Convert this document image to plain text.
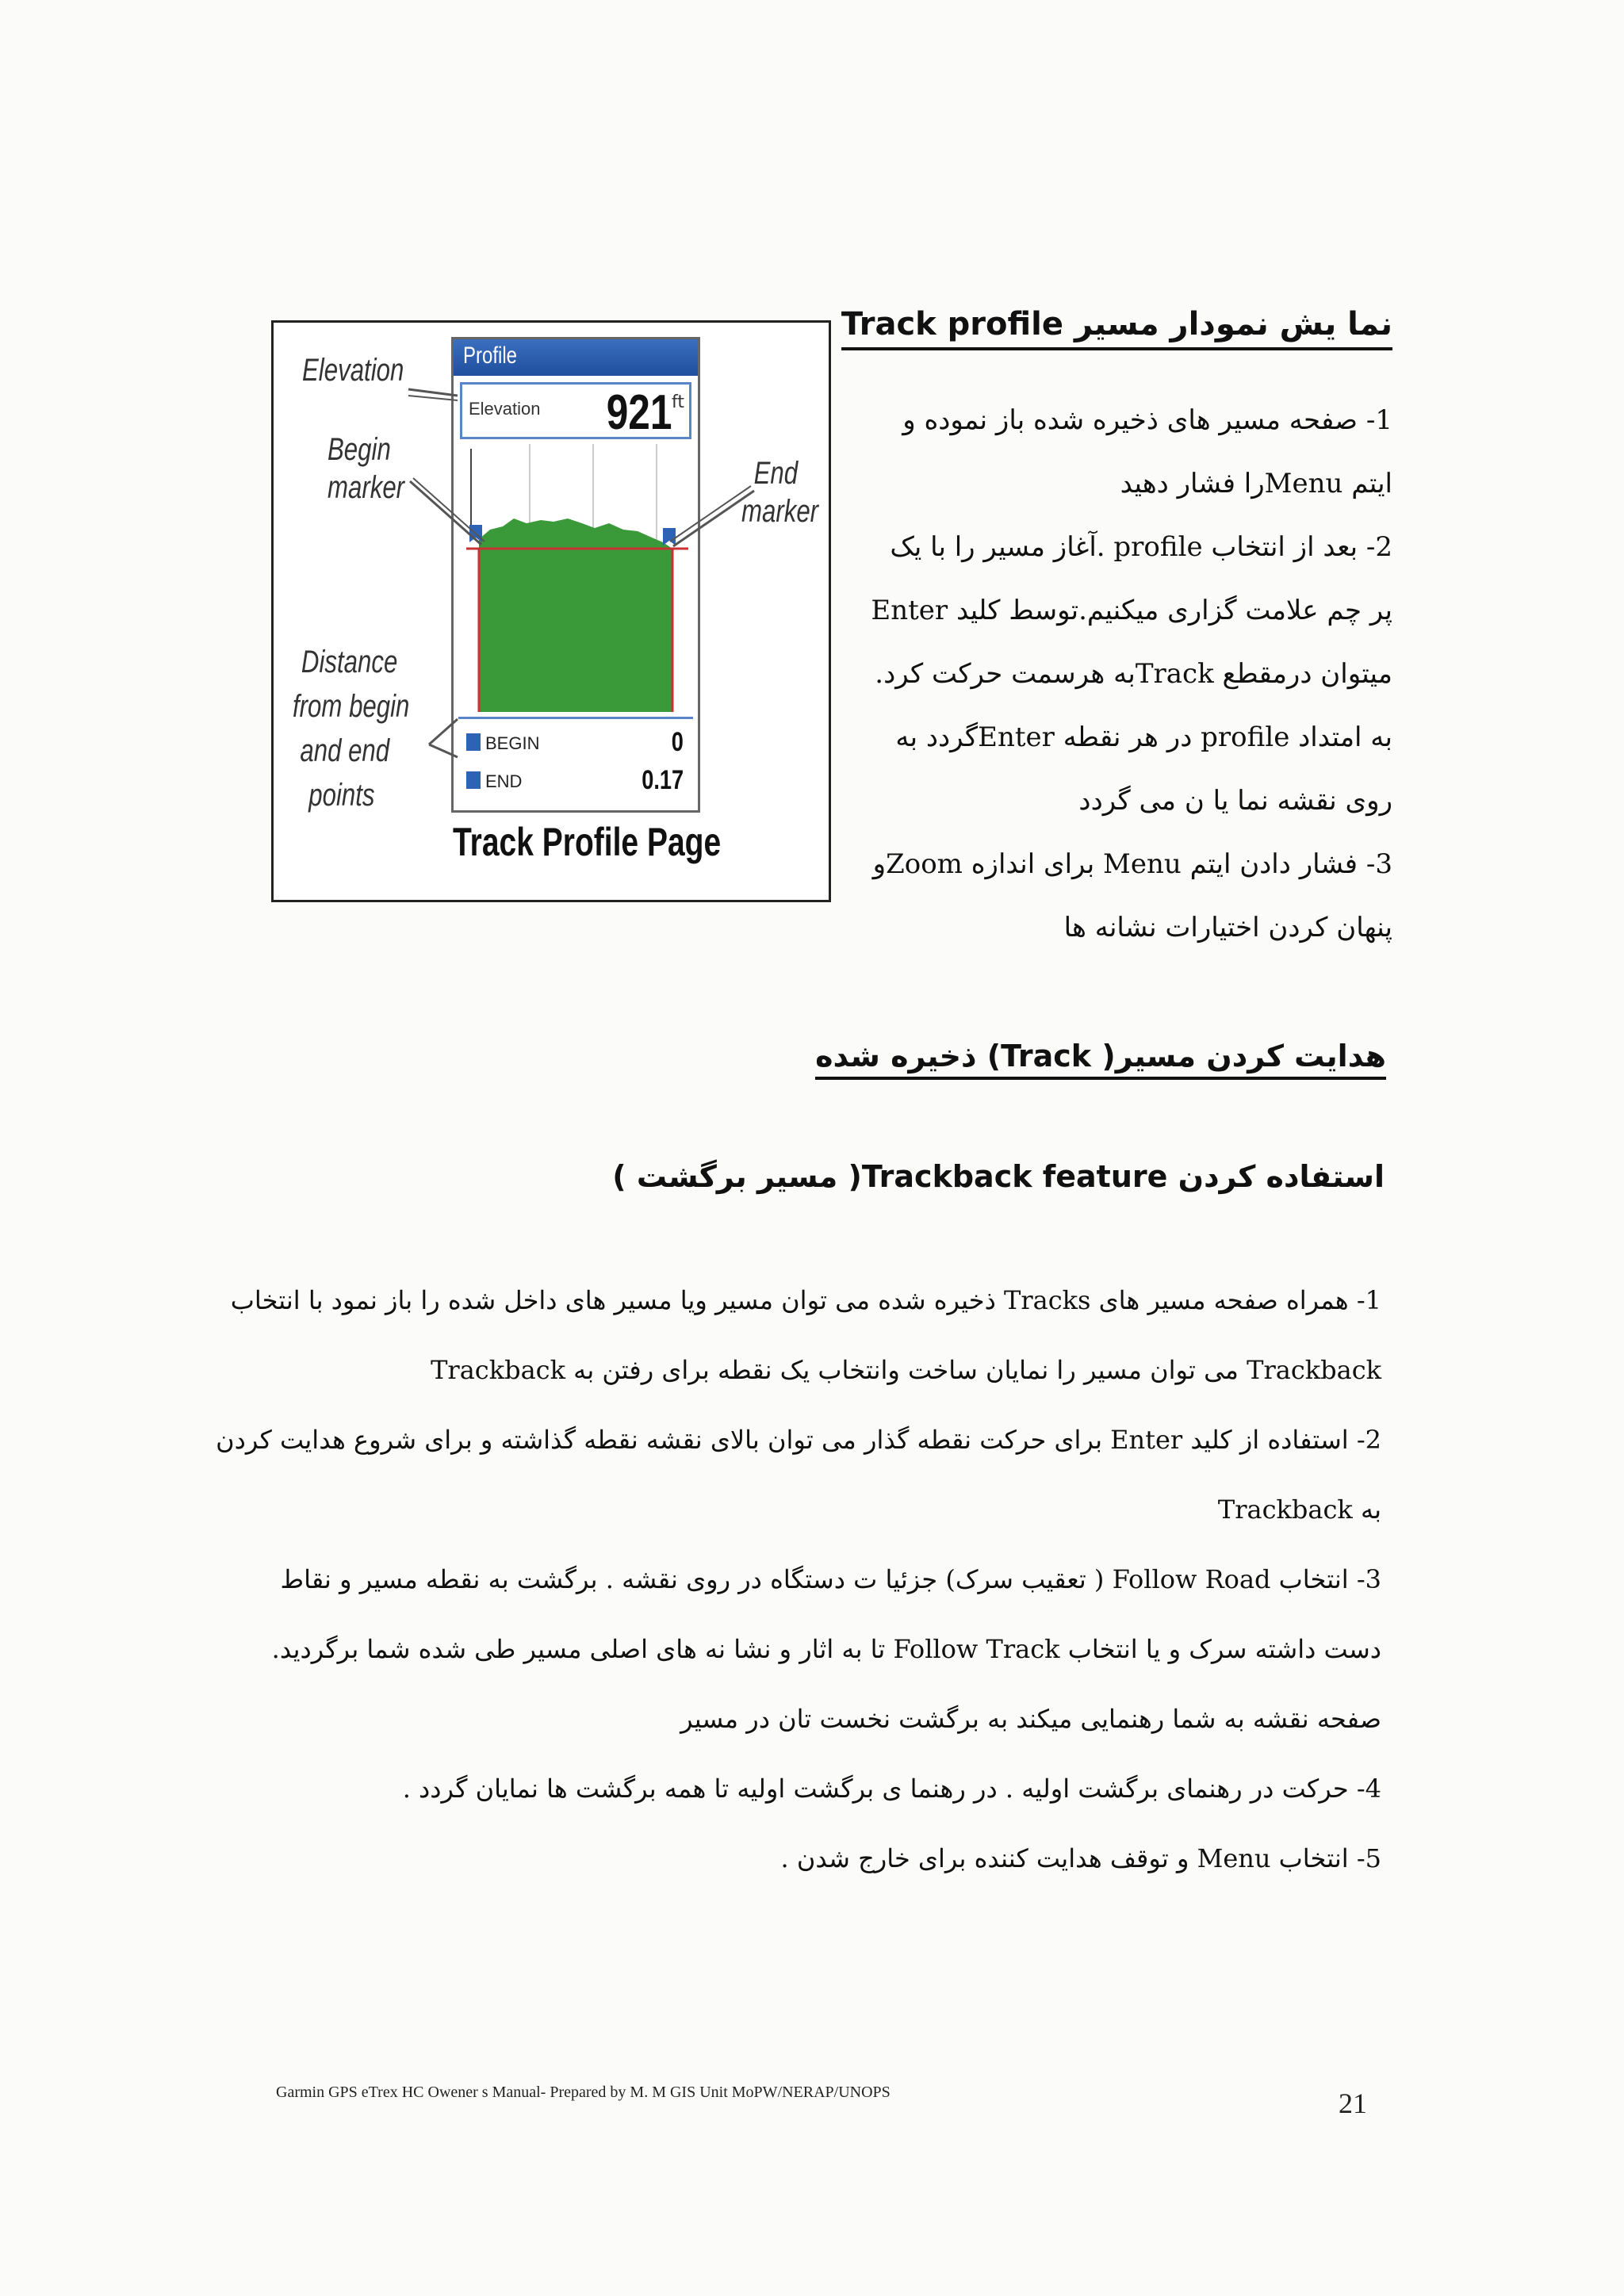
نما یش نمودار مسیر Track profile
1- صفحه مسیر های ذخیره شده باز نموده و
ایتم Menuرا فشار دهید
2- بعد از انتخاب profile .آغاز مسیر را با یک
پر چم علامت گزاری میکنیم.توسط کلید Enter
میتوان درمقطع Trackبه هرسمت حرکت کرد.
به امتداد profile در هر نقطه Enterگردد به
روی نقشه نما یا ن می گردد
3- فشار دادن ایتم Menu برای اندازه Zoomو
پنهان کردن اختیارات نشانه ها
Elevation
Begin
marker	End
marker
Distance
from begin
and end
points
Profile
Elevation 921 ft
BEGIN	0
END	0.17
Track Profile Page
هدایت کردن مسیر( Track) ذخیره شده
استفاده کردن Trackback feature( مسیر برگشت )
1- همراه صفحه مسیر های Tracks ذخیره شده می توان مسیر ویا مسیر های داخل شده را باز نمود با انتخاب
Trackback می توان مسیر را نمایان ساخت وانتخاب یک نقطه برای رفتن به Trackback
2- استفاده از کلید Enter برای حرکت نقطه گذار می توان بالای نقشه نقطه گذاشته و برای شروع هدایت کردن
به Trackback
3- انتخاب Follow Road ( تعقیب سرک) جزئیا ت دستگاه در روی نقشه . برگشت به نقطه مسیر و نقاط
دست داشته سرک و یا انتخاب Follow Track تا به اثار و نشا نه های اصلی مسیر طی شده شما برگردید.
صفحه نقشه به شما رهنمایی میکند به برگشت نخست تان در مسیر
4- حرکت در رهنمای برگشت اولیه . در رهنما ی برگشت اولیه تا همه برگشت ها نمایان گردد .
5- انتخاب Menu و توقف هدایت کننده برای خارج شدن .
Garmin GPS eTrex HC Owener s Manual- Prepared by M. M GIS Unit MoPW/NERAP/UNOPS	21
